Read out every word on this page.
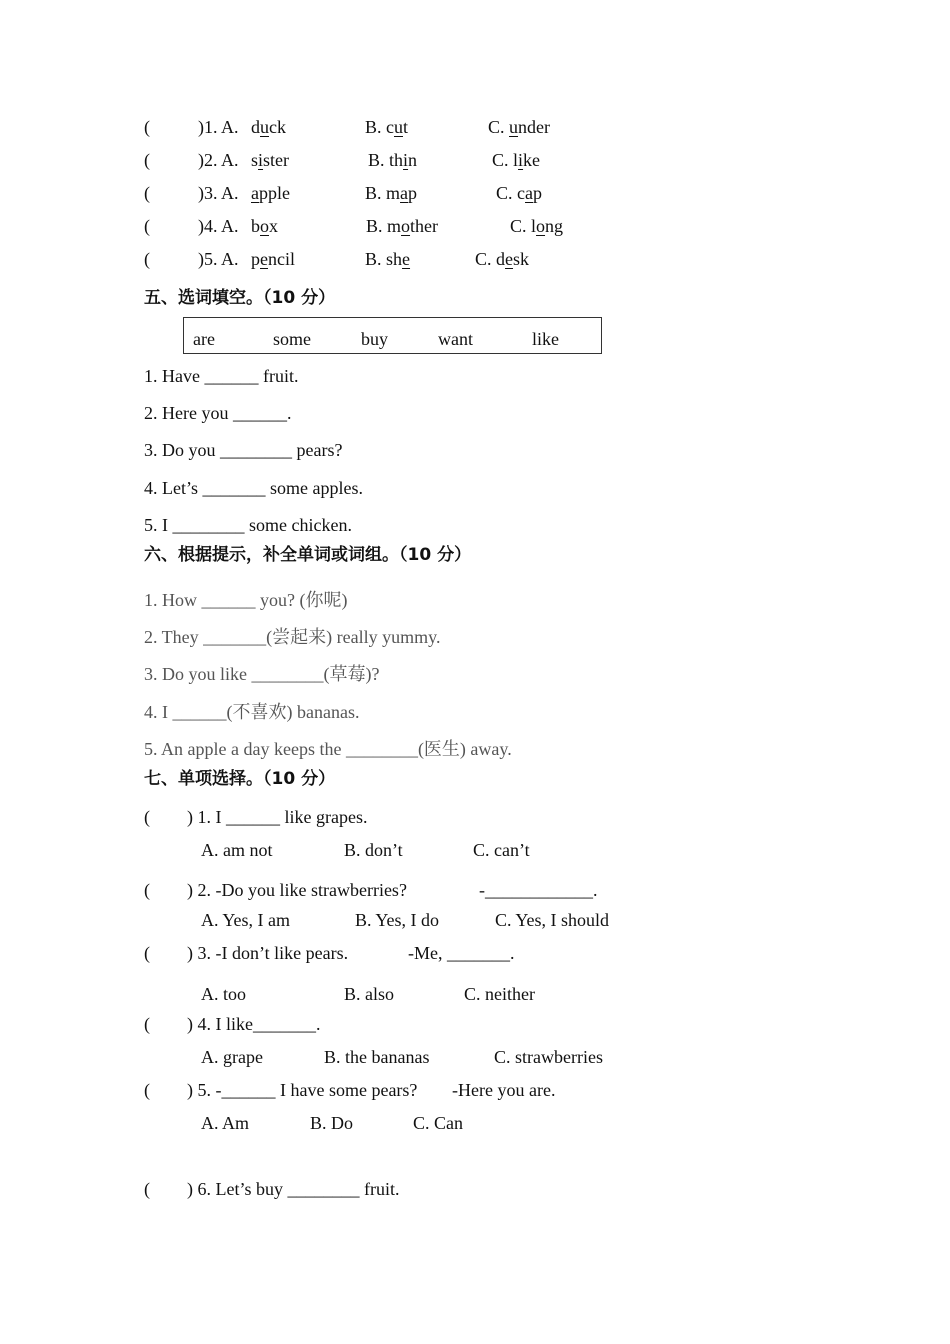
(	)1. A. duck	B. cut	C. under
(	)2. A. sister	B. thin	C. like
(	)3. A. apple	B. map	C. cap
(	)4. A. box	B. mother	C. long
(	)5. A. pencil	B. she	C. desk
五、选词填空。（10 分）
are	some	buy	want	like
1. Have ______ fruit.
2. Here you ______.
3. Do you ________ pears?
4. Let’s _______ some apples.
5. I ________ some chicken.
六、根据提示，补全单词或词组。（10 分）
1. How ______ you? (你呢)
2. They _______(尝起来) really yummy.
3. Do you like ________(草莓)?
4. I ______(不喜欢) bananas.
5. An apple a day keeps the ________(医生) away.
七、单项选择。（10 分）
( ) 1. I ______ like grapes.
A. am not	B. don’t	C. can’t
( ) 2. -Do you like strawberries?	-____________.
A. Yes, I am	B. Yes, I do	C. Yes, I should
( ) 3. -I don’t like pears.	-Me, _______.
A. too	B. also	C. neither
( ) 4. I like_______.
A. grape	B. the bananas	C. strawberries
( ) 5. -______ I have some pears? -Here you are.
A. Am	B. Do	C. Can
( ) 6. Let’s buy ________ fruit.
